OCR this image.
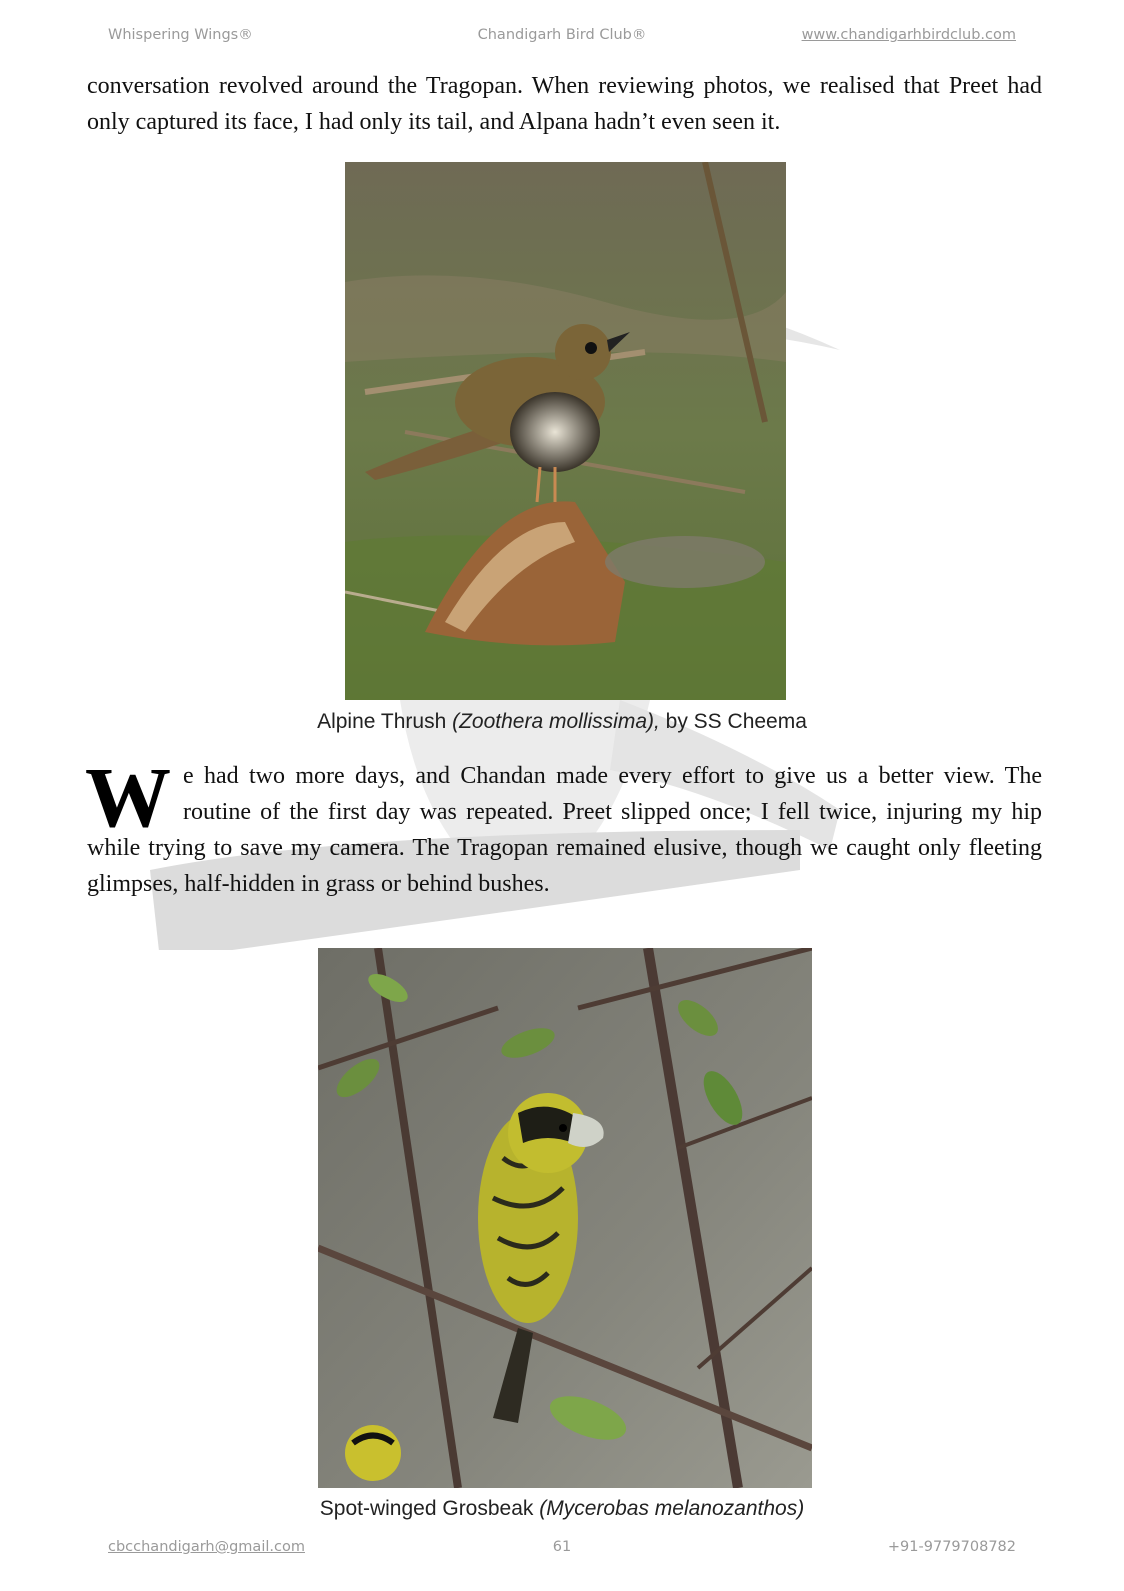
Whispering Wings®	Chandigarh Bird Club®	www.chandigarhbirdclub.com

conversation revolved around the Tragopan. When reviewing photos, we realised that Preet had only captured its face, I had only its tail, and Alpana hadn’t even seen it.

Alpine Thrush (Zoothera mollissima), by SS Cheema

We had two more days, and Chandan made every effort to give us a better view. The routine of the first day was repeated. Preet slipped once; I fell twice, injuring my hip while trying to save my camera. The Tragopan remained elusive, though we caught only fleeting glimpses, half-hidden in grass or behind bushes.

Spot-winged Grosbeak (Mycerobas melanozanthos)
cbcchandigarh@gmail.com	61	+91-9779708782
